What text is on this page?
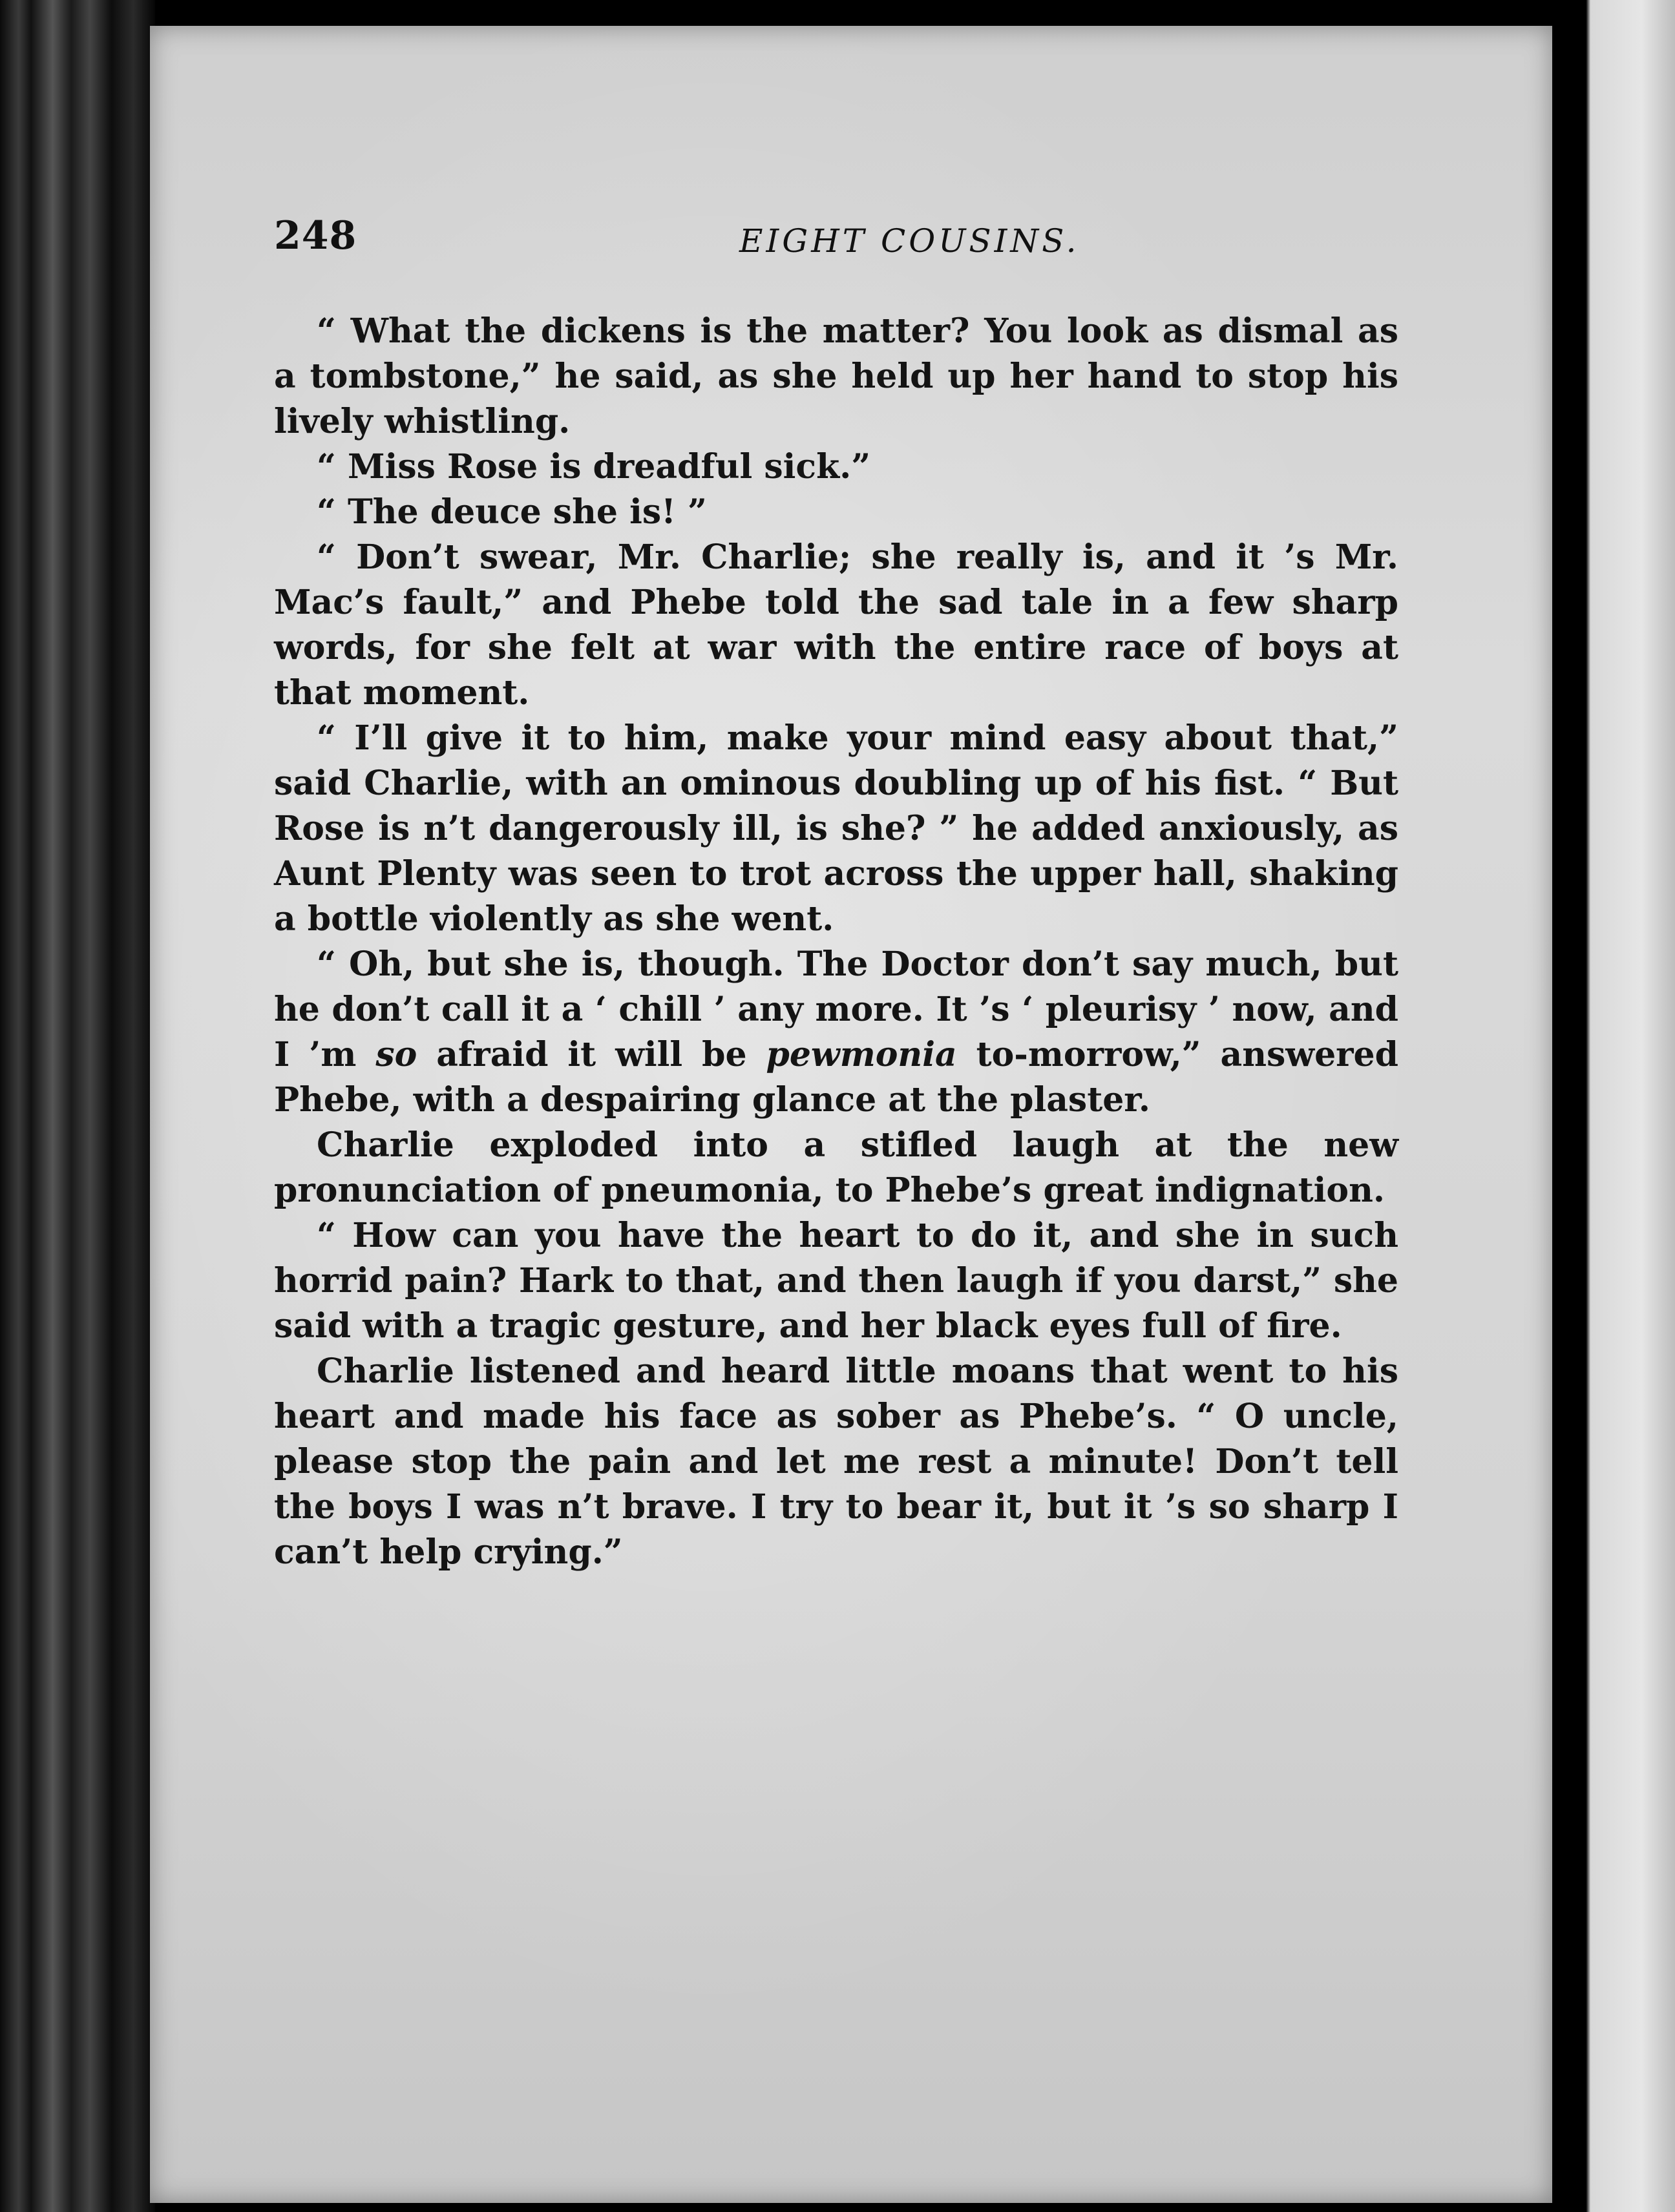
248	EIGHT COUSINS.

“ What the dickens is the matter? You look as dismal as a tombstone,” he said, as she held up her hand to stop his lively whistling.

“ Miss Rose is dreadful sick.”

“ The deuce she is! ”

“ Don’t swear, Mr. Charlie; she really is, and it ’s Mr. Mac’s fault,” and Phebe told the sad tale in a few sharp words, for she felt at war with the entire race of boys at that moment.

“ I’ll give it to him, make your mind easy about that,” said Charlie, with an ominous doubling up of his fist. “ But Rose is n’t dangerously ill, is she? ” he added anxiously, as Aunt Plenty was seen to trot across the upper hall, shaking a bottle violently as she went.

“ Oh, but she is, though. The Doctor don’t say much, but he don’t call it a ‘ chill ’ any more. It ’s ‘ pleurisy ’ now, and I ’m so afraid it will be pewmonia to-morrow,” answered Phebe, with a despairing glance at the plaster.

Charlie exploded into a stifled laugh at the new pronunciation of pneumonia, to Phebe’s great indignation.

“ How can you have the heart to do it, and she in such horrid pain? Hark to that, and then laugh if you darst,” she said with a tragic gesture, and her black eyes full of fire.

Charlie listened and heard little moans that went to his heart and made his face as sober as Phebe’s. “ O uncle, please stop the pain and let me rest a minute! Don’t tell the boys I was n’t brave. I try to bear it, but it ’s so sharp I can’t help crying.”
